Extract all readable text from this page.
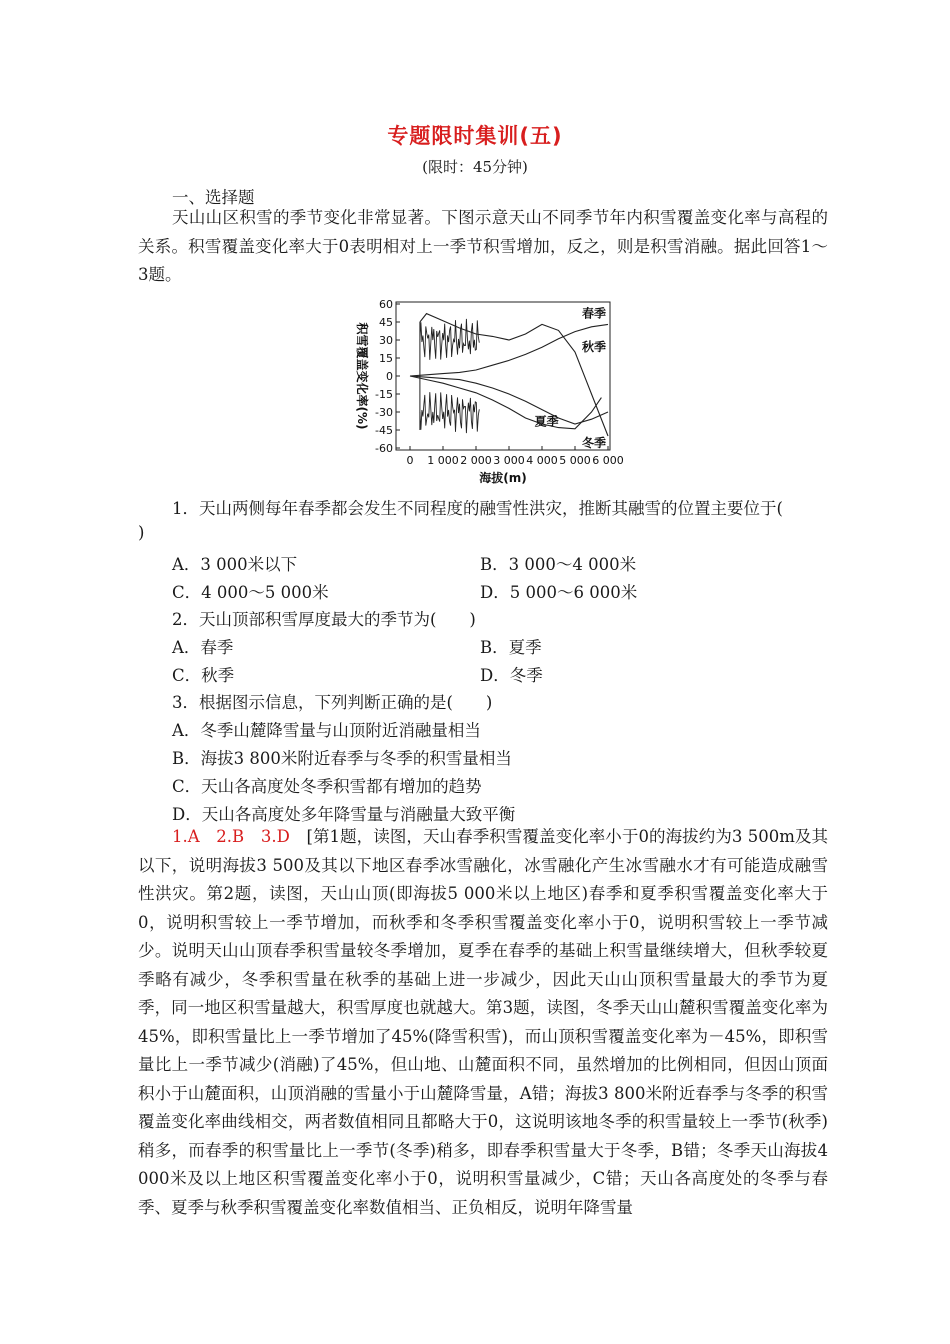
专题限时集训(五)
(限时：45分钟)
一、选择题

天山山区积雪的季节变化非常显著。下图示意天山不同季节年内积雪覆盖变化率与高程的关系。积雪覆盖变化率大于0表明相对上一季节积雪增加，反之，则是积雪消融。据此回答1～3题。

60
45
30
15
0
-15
-30
-45
-60
0 1 000 2 000 3 000 4 000 5 000 6 000
积雪覆盖变化率(%)
海拔(m)
春季
秋季
夏季
冬季
1．天山两侧每年春季都会发生不同程度的融雪性洪灾，推断其融雪的位置主要位于(
)
A．3 000米以下	B．3 000～4 000米
C．4 000～5 000米	D．5 000～6 000米
2．天山顶部积雪厚度最大的季节为(　　)
A．春季	B．夏季
C．秋季	D．冬季
3．根据图示信息，下列判断正确的是(　　)
A．冬季山麓降雪量与山顶附近消融量相当
B．海拔3 800米附近春季与冬季的积雪量相当
C．天山各高度处冬季积雪都有增加的趋势
D．天山各高度处多年降雪量与消融量大致平衡

1.A　2.B　3.D　 [第1题，读图，天山春季积雪覆盖变化率小于0的海拔约为3 500m及其以下，说明海拔3 500及其以下地区春季冰雪融化，冰雪融化产生冰雪融水才有可能造成融雪性洪灾。第2题，读图，天山山顶(即海拔5 000米以上地区)春季和夏季积雪覆盖变化率大于0，说明积雪较上一季节增加，而秋季和冬季积雪覆盖变化率小于0，说明积雪较上一季节减少。说明天山山顶春季积雪量较冬季增加，夏季在春季的基础上积雪量继续增大，但秋季较夏季略有减少，冬季积雪量在秋季的基础上进一步减少，因此天山山顶积雪量最大的季节为夏季，同一地区积雪量越大，积雪厚度也就越大。第3题，读图，冬季天山山麓积雪覆盖变化率为45%，即积雪量比上一季节增加了45%(降雪积雪)，而山顶积雪覆盖变化率为－45%，即积雪量比上一季节减少(消融)了45%，但山地、山麓面积不同，虽然增加的比例相同，但因山顶面积小于山麓面积，山顶消融的雪量小于山麓降雪量，A错；海拔3 800米附近春季与冬季的积雪覆盖变化率曲线相交，两者数值相同且都略大于0，这说明该地冬季的积雪量较上一季节(秋季)稍多，而春季的积雪量比上一季节(冬季)稍多，即春季积雪量大于冬季，B错；冬季天山海拔4 000米及以上地区积雪覆盖变化率小于0，说明积雪量减少，C错；天山各高度处的冬季与春季、夏季与秋季积雪覆盖变化率数值相当、正负相反，说明年降雪量
